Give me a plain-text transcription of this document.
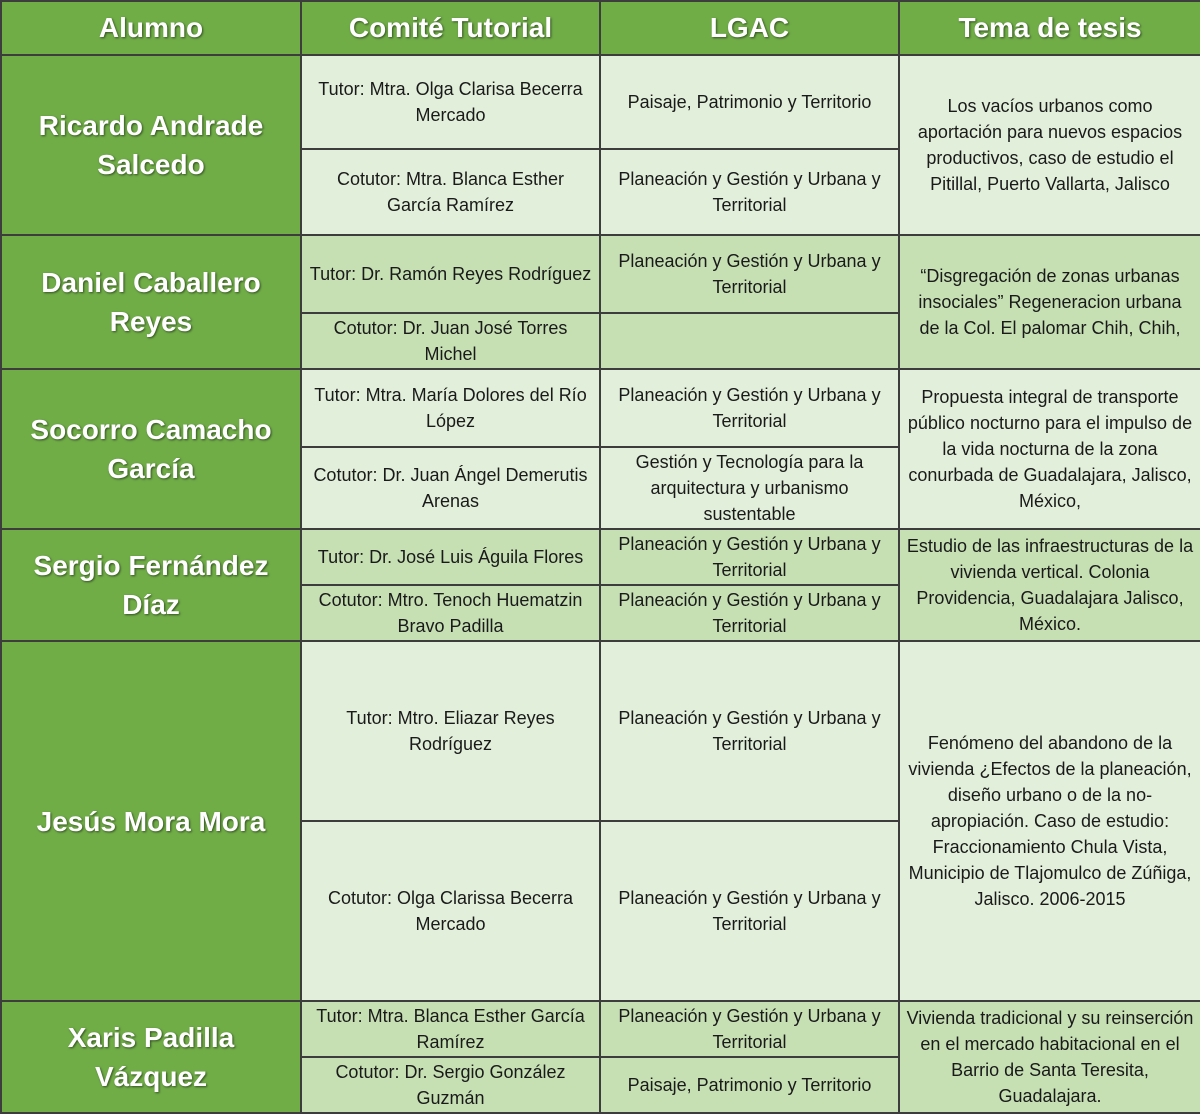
Alumno	Comité Tutorial	LGAC	Tema de tesis
Ricardo Andrade Salcedo	Tutor: Mtra. Olga Clarisa Becerra Mercado	Paisaje, Patrimonio y Territorio	Los vacíos urbanos como aportación para nuevos espacios productivos, caso de estudio el Pitillal, Puerto Vallarta, Jalisco
	Cotutor: Mtra. Blanca Esther García Ramírez	Planeación y Gestión y Urbana y Territorial	
Daniel Caballero Reyes	Tutor: Dr. Ramón Reyes Rodríguez	Planeación y Gestión y Urbana y Territorial	“Disgregación de zonas urbanas insociales” Regeneracion urbana de la Col. El palomar Chih, Chih,
	Cotutor: Dr. Juan José Torres Michel		
Socorro Camacho García	Tutor: Mtra. María Dolores del Río López	Planeación y Gestión y Urbana y Territorial	Propuesta integral de transporte público nocturno para el impulso de la vida nocturna de la zona conurbada de Guadalajara, Jalisco, México,
	Cotutor: Dr. Juan Ángel Demerutis Arenas	Gestión y Tecnología para la arquitectura y urbanismo sustentable	
Sergio Fernández Díaz	Tutor: Dr. José Luis Águila Flores	Planeación y Gestión y Urbana y Territorial	Estudio de las infraestructuras de la vivienda vertical. Colonia Providencia, Guadalajara Jalisco, México.
	Cotutor: Mtro. Tenoch Huematzin Bravo Padilla	Planeación y Gestión y Urbana y Territorial	
Jesús Mora Mora	Tutor: Mtro. Eliazar Reyes Rodríguez	Planeación y Gestión y Urbana y Territorial	Fenómeno del abandono de la vivienda ¿Efectos de la planeación, diseño urbano o de la no-apropiación. Caso de estudio: Fraccionamiento Chula Vista, Municipio de Tlajomulco de Zúñiga, Jalisco. 2006-2015
	Cotutor: Olga Clarissa Becerra Mercado	Planeación y Gestión y Urbana y Territorial	
Xaris Padilla Vázquez	Tutor: Mtra. Blanca Esther García Ramírez	Planeación y Gestión y Urbana y Territorial	Vivienda tradicional y su reinserción en el mercado habitacional en el Barrio de Santa Teresita, Guadalajara.
	Cotutor: Dr. Sergio González Guzmán	Paisaje, Patrimonio y Territorio	
